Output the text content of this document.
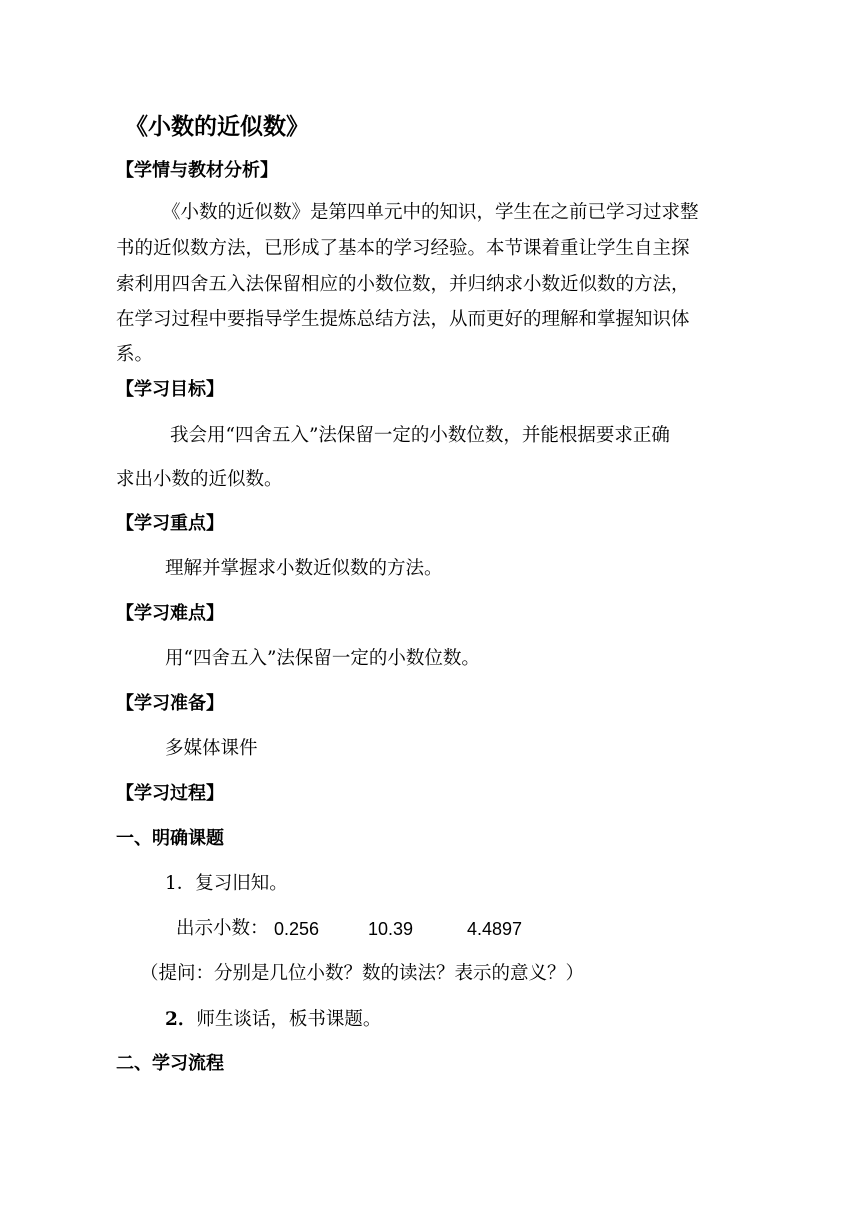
《小数的近似数》
【学情与教材分析】
《小数的近似数》是第四单元中的知识，学生在之前已学习过求整
书的近似数方法，已形成了基本的学习经验。本节课着重让学生自主探
索利用四舍五入法保留相应的小数位数，并归纳求小数近似数的方法，
在学习过程中要指导学生提炼总结方法，从而更好的理解和掌握知识体
系。
【学习目标】
我会用“四舍五入”法保留一定的小数位数，并能根据要求正确
求出小数的近似数。
【学习重点】
理解并掌握求小数近似数的方法。
【学习难点】
用“四舍五入”法保留一定的小数位数。
【学习准备】
多媒体课件
【学习过程】
一、明确课题
1．复习旧知。
出示小数： 0.256	10.39	4.4897
（提问：分别是几位小数？数的读法？表示的意义？）
2．师生谈话，板书课题。
二、学习流程
